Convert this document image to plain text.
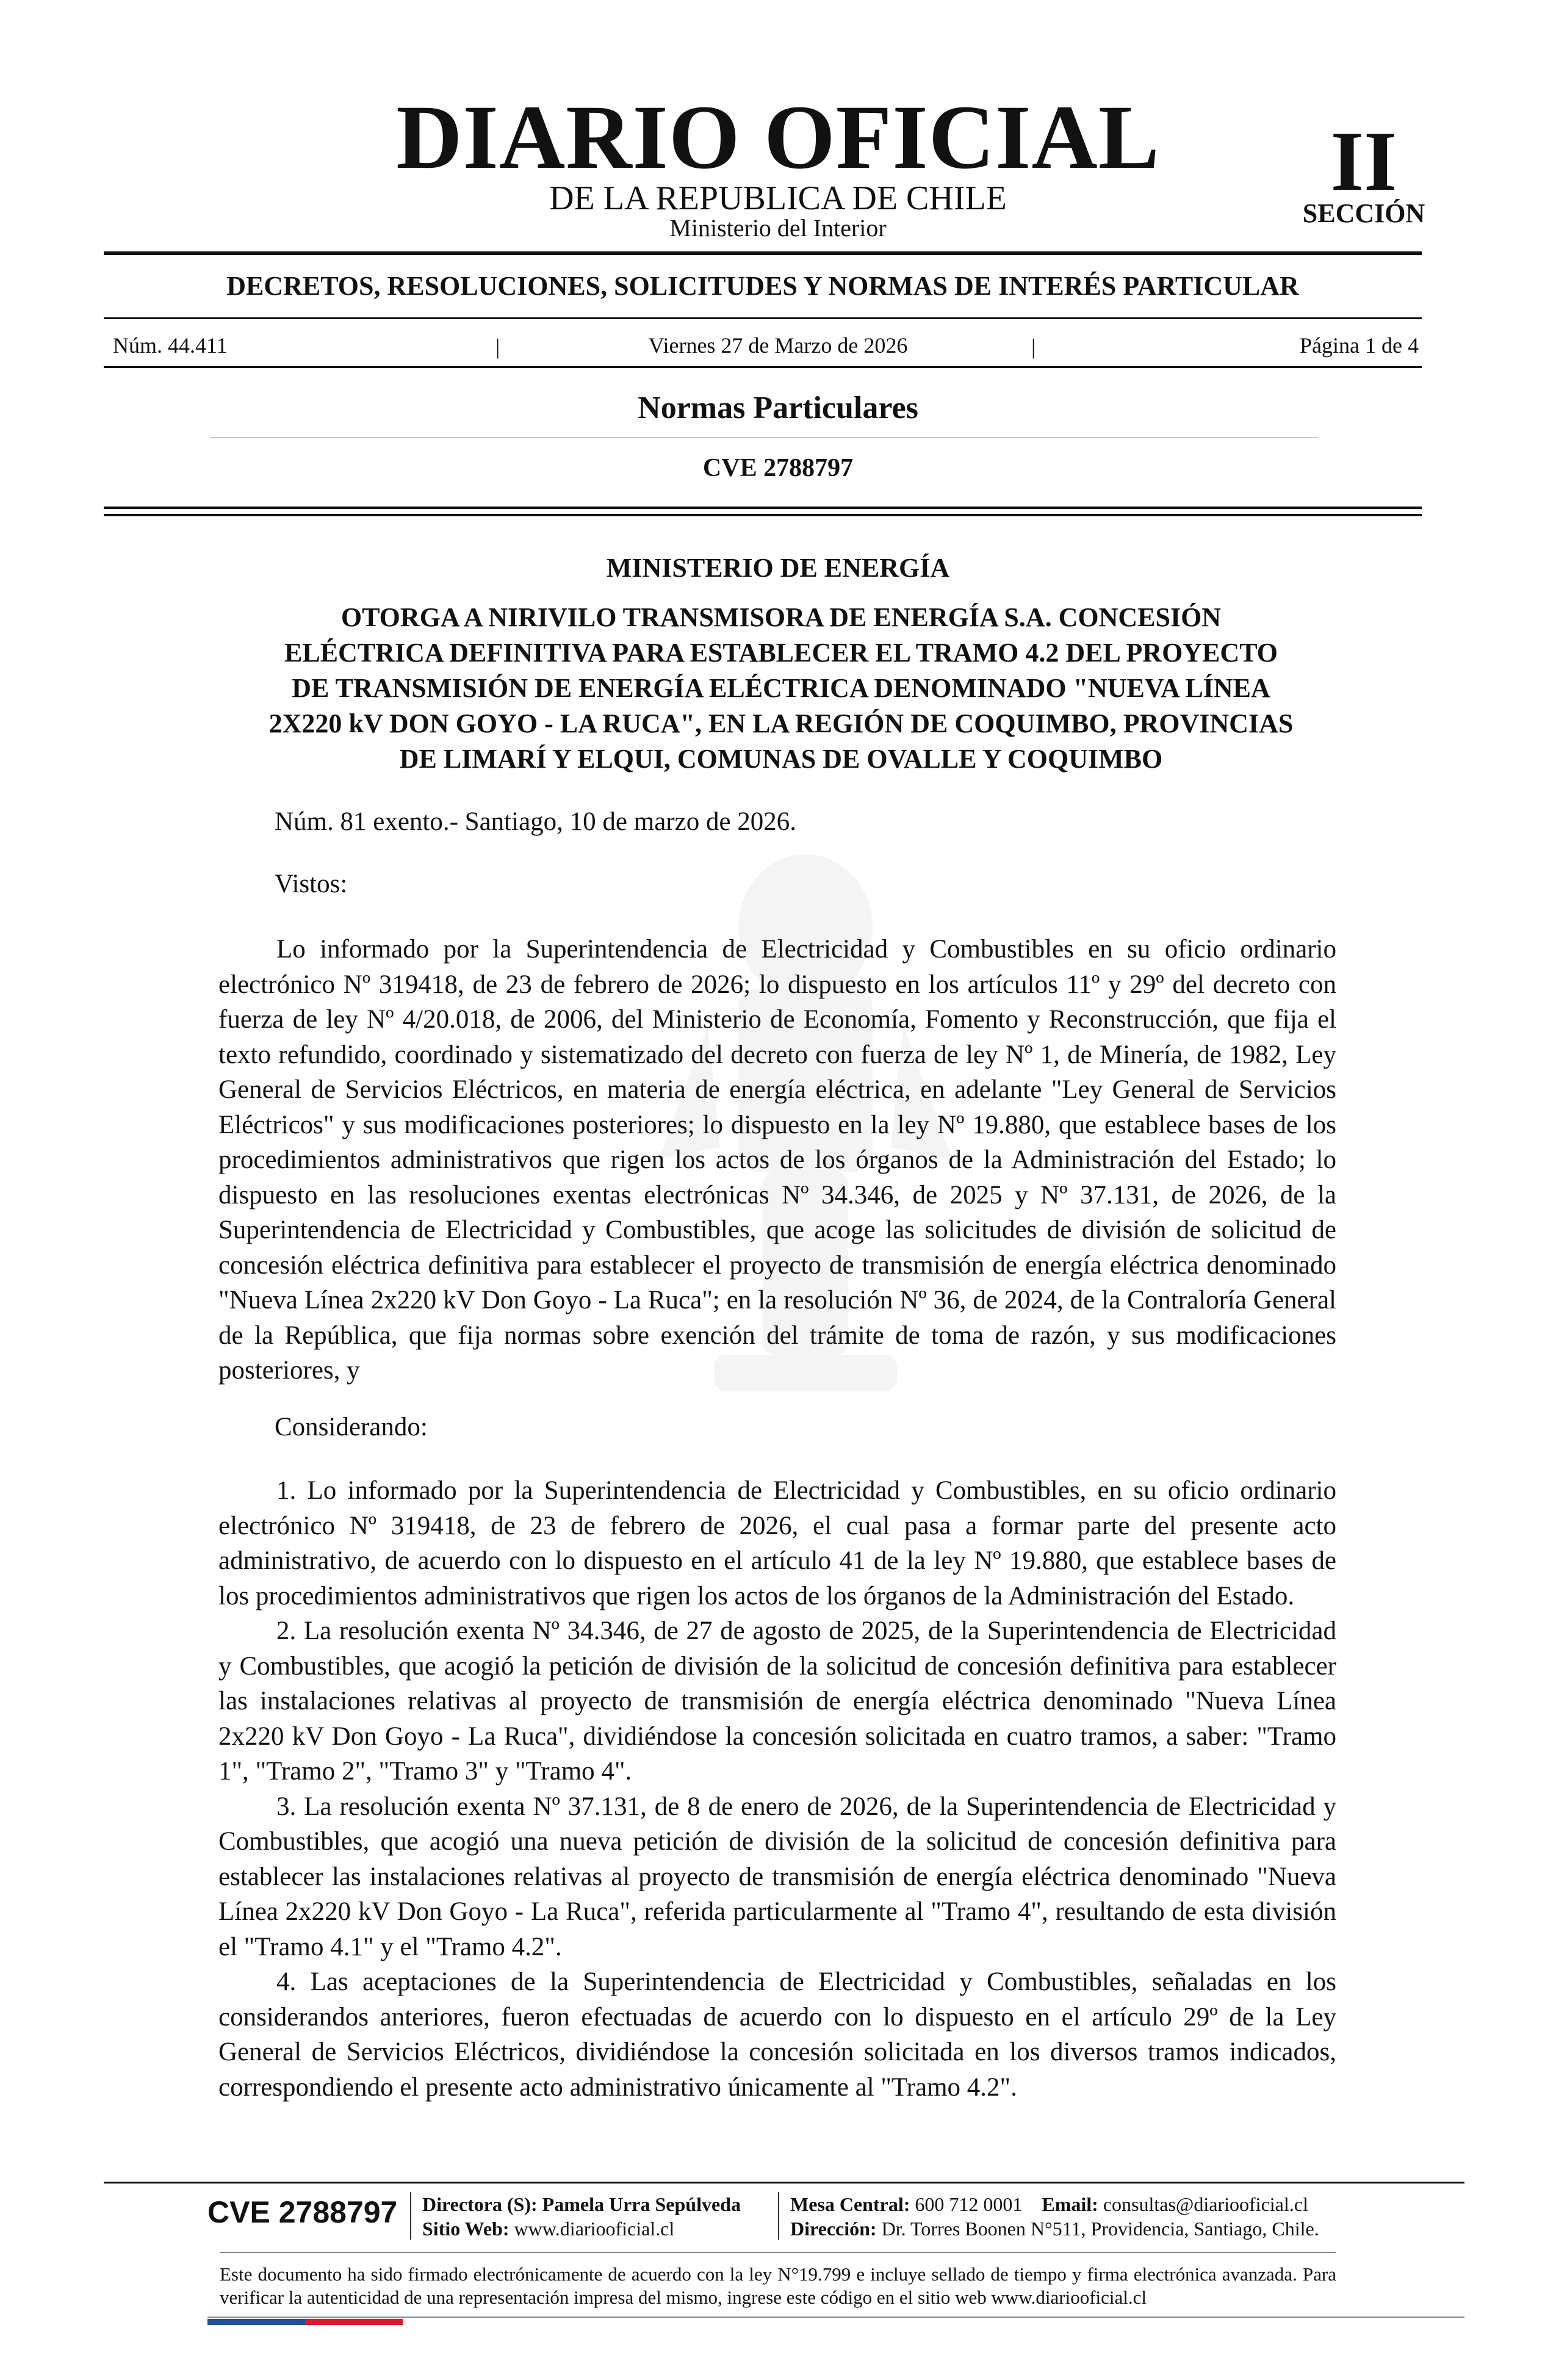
DIARIO OFICIAL
DE LA REPUBLICA DE CHILE
Ministerio del Interior
II
SECCIÓN
DECRETOS, RESOLUCIONES, SOLICITUDES Y NORMAS DE INTERÉS PARTICULAR
Núm. 44.411	|	Viernes 27 de Marzo de 2026	|	Página 1 de 4
Normas Particulares
CVE 2788797
MINISTERIO DE ENERGÍA
OTORGA A NIRIVILO TRANSMISORA DE ENERGÍA S.A. CONCESIÓN
ELÉCTRICA DEFINITIVA PARA ESTABLECER EL TRAMO 4.2 DEL PROYECTO
DE TRANSMISIÓN DE ENERGÍA ELÉCTRICA DENOMINADO "NUEVA LÍNEA
2X220 kV DON GOYO - LA RUCA", EN LA REGIÓN DE COQUIMBO, PROVINCIAS
DE LIMARÍ Y ELQUI, COMUNAS DE OVALLE Y COQUIMBO
Núm. 81 exento.- Santiago, 10 de marzo de 2026.
Vistos:

Lo informado por la Superintendencia de Electricidad y Combustibles en su oficio ordinario electrónico Nº 319418, de 23 de febrero de 2026; lo dispuesto en los artículos 11º y 29º del decreto con fuerza de ley Nº 4/20.018, de 2006, del Ministerio de Economía, Fomento y Reconstrucción, que fija el texto refundido, coordinado y sistematizado del decreto con fuerza de ley Nº 1, de Minería, de 1982, Ley General de Servicios Eléctricos, en materia de energía eléctrica, en adelante "Ley General de Servicios Eléctricos" y sus modificaciones posteriores; lo dispuesto en la ley Nº 19.880, que establece bases de los procedimientos administrativos que rigen los actos de los órganos de la Administración del Estado; lo dispuesto en las resoluciones exentas electrónicas Nº 34.346, de 2025 y Nº 37.131, de 2026, de la Superintendencia de Electricidad y Combustibles, que acoge las solicitudes de división de solicitud de concesión eléctrica definitiva para establecer el proyecto de transmisión de energía eléctrica denominado "Nueva Línea 2x220 kV Don Goyo - La Ruca"; en la resolución Nº 36, de 2024, de la Contraloría General de la República, que fija normas sobre exención del trámite de toma de razón, y sus modificaciones posteriores, y

Considerando:

1. Lo informado por la Superintendencia de Electricidad y Combustibles, en su oficio ordinario electrónico Nº 319418, de 23 de febrero de 2026, el cual pasa a formar parte del presente acto administrativo, de acuerdo con lo dispuesto en el artículo 41 de la ley Nº 19.880, que establece bases de los procedimientos administrativos que rigen los actos de los órganos de la Administración del Estado.

2. La resolución exenta Nº 34.346, de 27 de agosto de 2025, de la Superintendencia de Electricidad y Combustibles, que acogió la petición de división de la solicitud de concesión definitiva para establecer las instalaciones relativas al proyecto de transmisión de energía eléctrica denominado "Nueva Línea 2x220 kV Don Goyo - La Ruca", dividiéndose la concesión solicitada en cuatro tramos, a saber: "Tramo 1", "Tramo 2", "Tramo 3" y "Tramo 4".

3. La resolución exenta Nº 37.131, de 8 de enero de 2026, de la Superintendencia de Electricidad y Combustibles, que acogió una nueva petición de división de la solicitud de concesión definitiva para establecer las instalaciones relativas al proyecto de transmisión de energía eléctrica denominado "Nueva Línea 2x220 kV Don Goyo - La Ruca", referida particularmente al "Tramo 4", resultando de esta división el "Tramo 4.1" y el "Tramo 4.2".

4. Las aceptaciones de la Superintendencia de Electricidad y Combustibles, señaladas en los considerandos anteriores, fueron efectuadas de acuerdo con lo dispuesto en el artículo 29º de la Ley General de Servicios Eléctricos, dividiéndose la concesión solicitada en los diversos tramos indicados, correspondiendo el presente acto administrativo únicamente al "Tramo 4.2".

CVE 2788797 Directora (S): Pamela Urra Sepúlveda
Sitio Web: www.diariooficial.cl
Mesa Central: 600 712 0001 Email: consultas@diariooficial.cl
Dirección: Dr. Torres Boonen N°511, Providencia, Santiago, Chile.
Este documento ha sido firmado electrónicamente de acuerdo con la ley N°19.799 e incluye sellado de tiempo y firma electrónica avanzada. Para verificar la autenticidad de una representación impresa del mismo, ingrese este código en el sitio web www.diariooficial.cl
